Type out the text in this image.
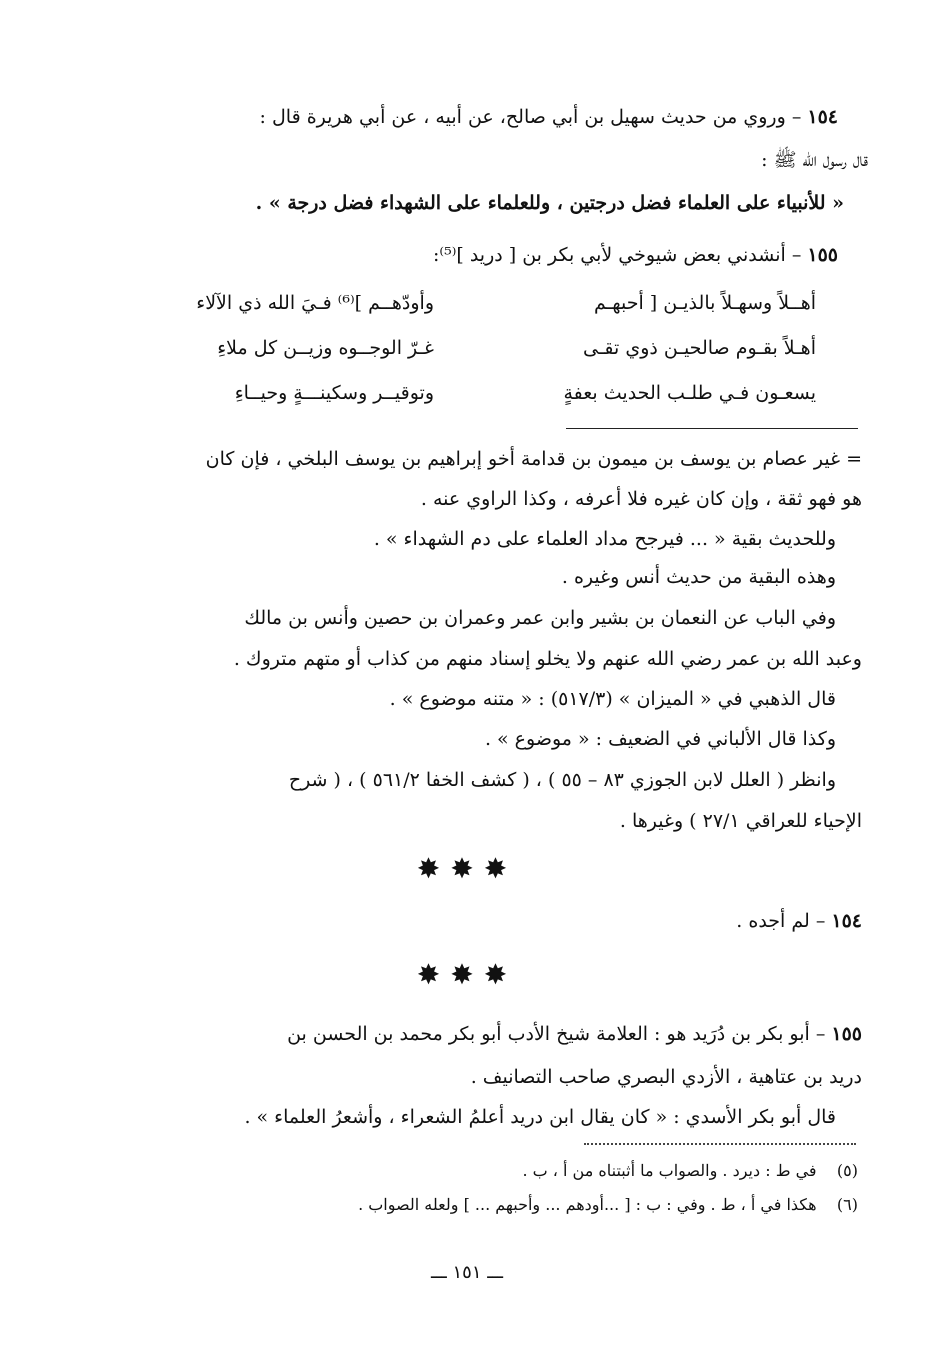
١٥٤ – وروي من حديث سهيل بن أبي صالح، عن أبيه ، عن أبي هريرة قال :
قال رسول الله ﷺ :
« للأنبياء على العلماء فضل درجتين ، وللعلماء على الشهداء فضل درجة » .
١٥٥ – أنشدني بعض شيوخي لأبي بكر بن [ دريد ]⁽⁵⁾:
أهــلاً وسهـلاً بالذيـن [ أحبهـم
وأودّهــم ]⁽⁶⁾ فـيَ الله ذي الآلاء
أهـلاً بقـوم صالحيـن ذوي تقـى
غـرّ الوجــوه وزيــن كل ملاءِ
يسعـون فـي طلـب الحديث بعفةٍ
وتوقيــر وسكينـــةٍ وحيــاءِ
= غير عصام بن يوسف بن ميمون بن قدامة أخو إبراهيم بن يوسف البلخي ، فإن كان
هو فهو ثقة ، وإن كان غيره فلا أعرفه ، وكذا الراوي عنه .
وللحديث بقية « ... فيرجح مداد العلماء على دم الشهداء » .
وهذه البقية من حديث أنس وغيره .
وفي الباب عن النعمان بن بشير وابن عمر وعمران بن حصين وأنس بن مالك
وعبد الله بن عمر رضي الله عنهم ولا يخلو إسناد منهم من كذاب أو متهم متروك .
قال الذهبي في « الميزان » (٥١٧/٣) : « متنه موضوع » .
وكذا قال الألباني في الضعيف : « موضوع » .
وانظر ( العلل لابن الجوزي ٨٣ – ٥٥ ) ، ( كشف الخفا ٥٦١/٢ ) ، ( شرح
الإحياء للعراقي ٢٧/١ ) وغيرها .
✸✸✸
١٥٤ – لم أجده .
✸✸✸
١٥٥ – أبو بكر بن دُرَيد هو : العلامة شيخ الأدب أبو بكر محمد بن الحسن بن
دريد بن عتاهية ، الأزدي البصري صاحب التصانيف .
قال أبو بكر الأسدي : « كان يقال ابن دريد أعلمُ الشعراء ، وأشعرُ العلماء » .
(٥)    في ط : ديرد . والصواب ما أثبتناه من أ ، ب .
(٦)    هكذا في أ ، ط . وفي : ب : [ ...أودهم ... وأحبهم ... ] ولعله الصواب .
ـــ ١٥١ ـــ
